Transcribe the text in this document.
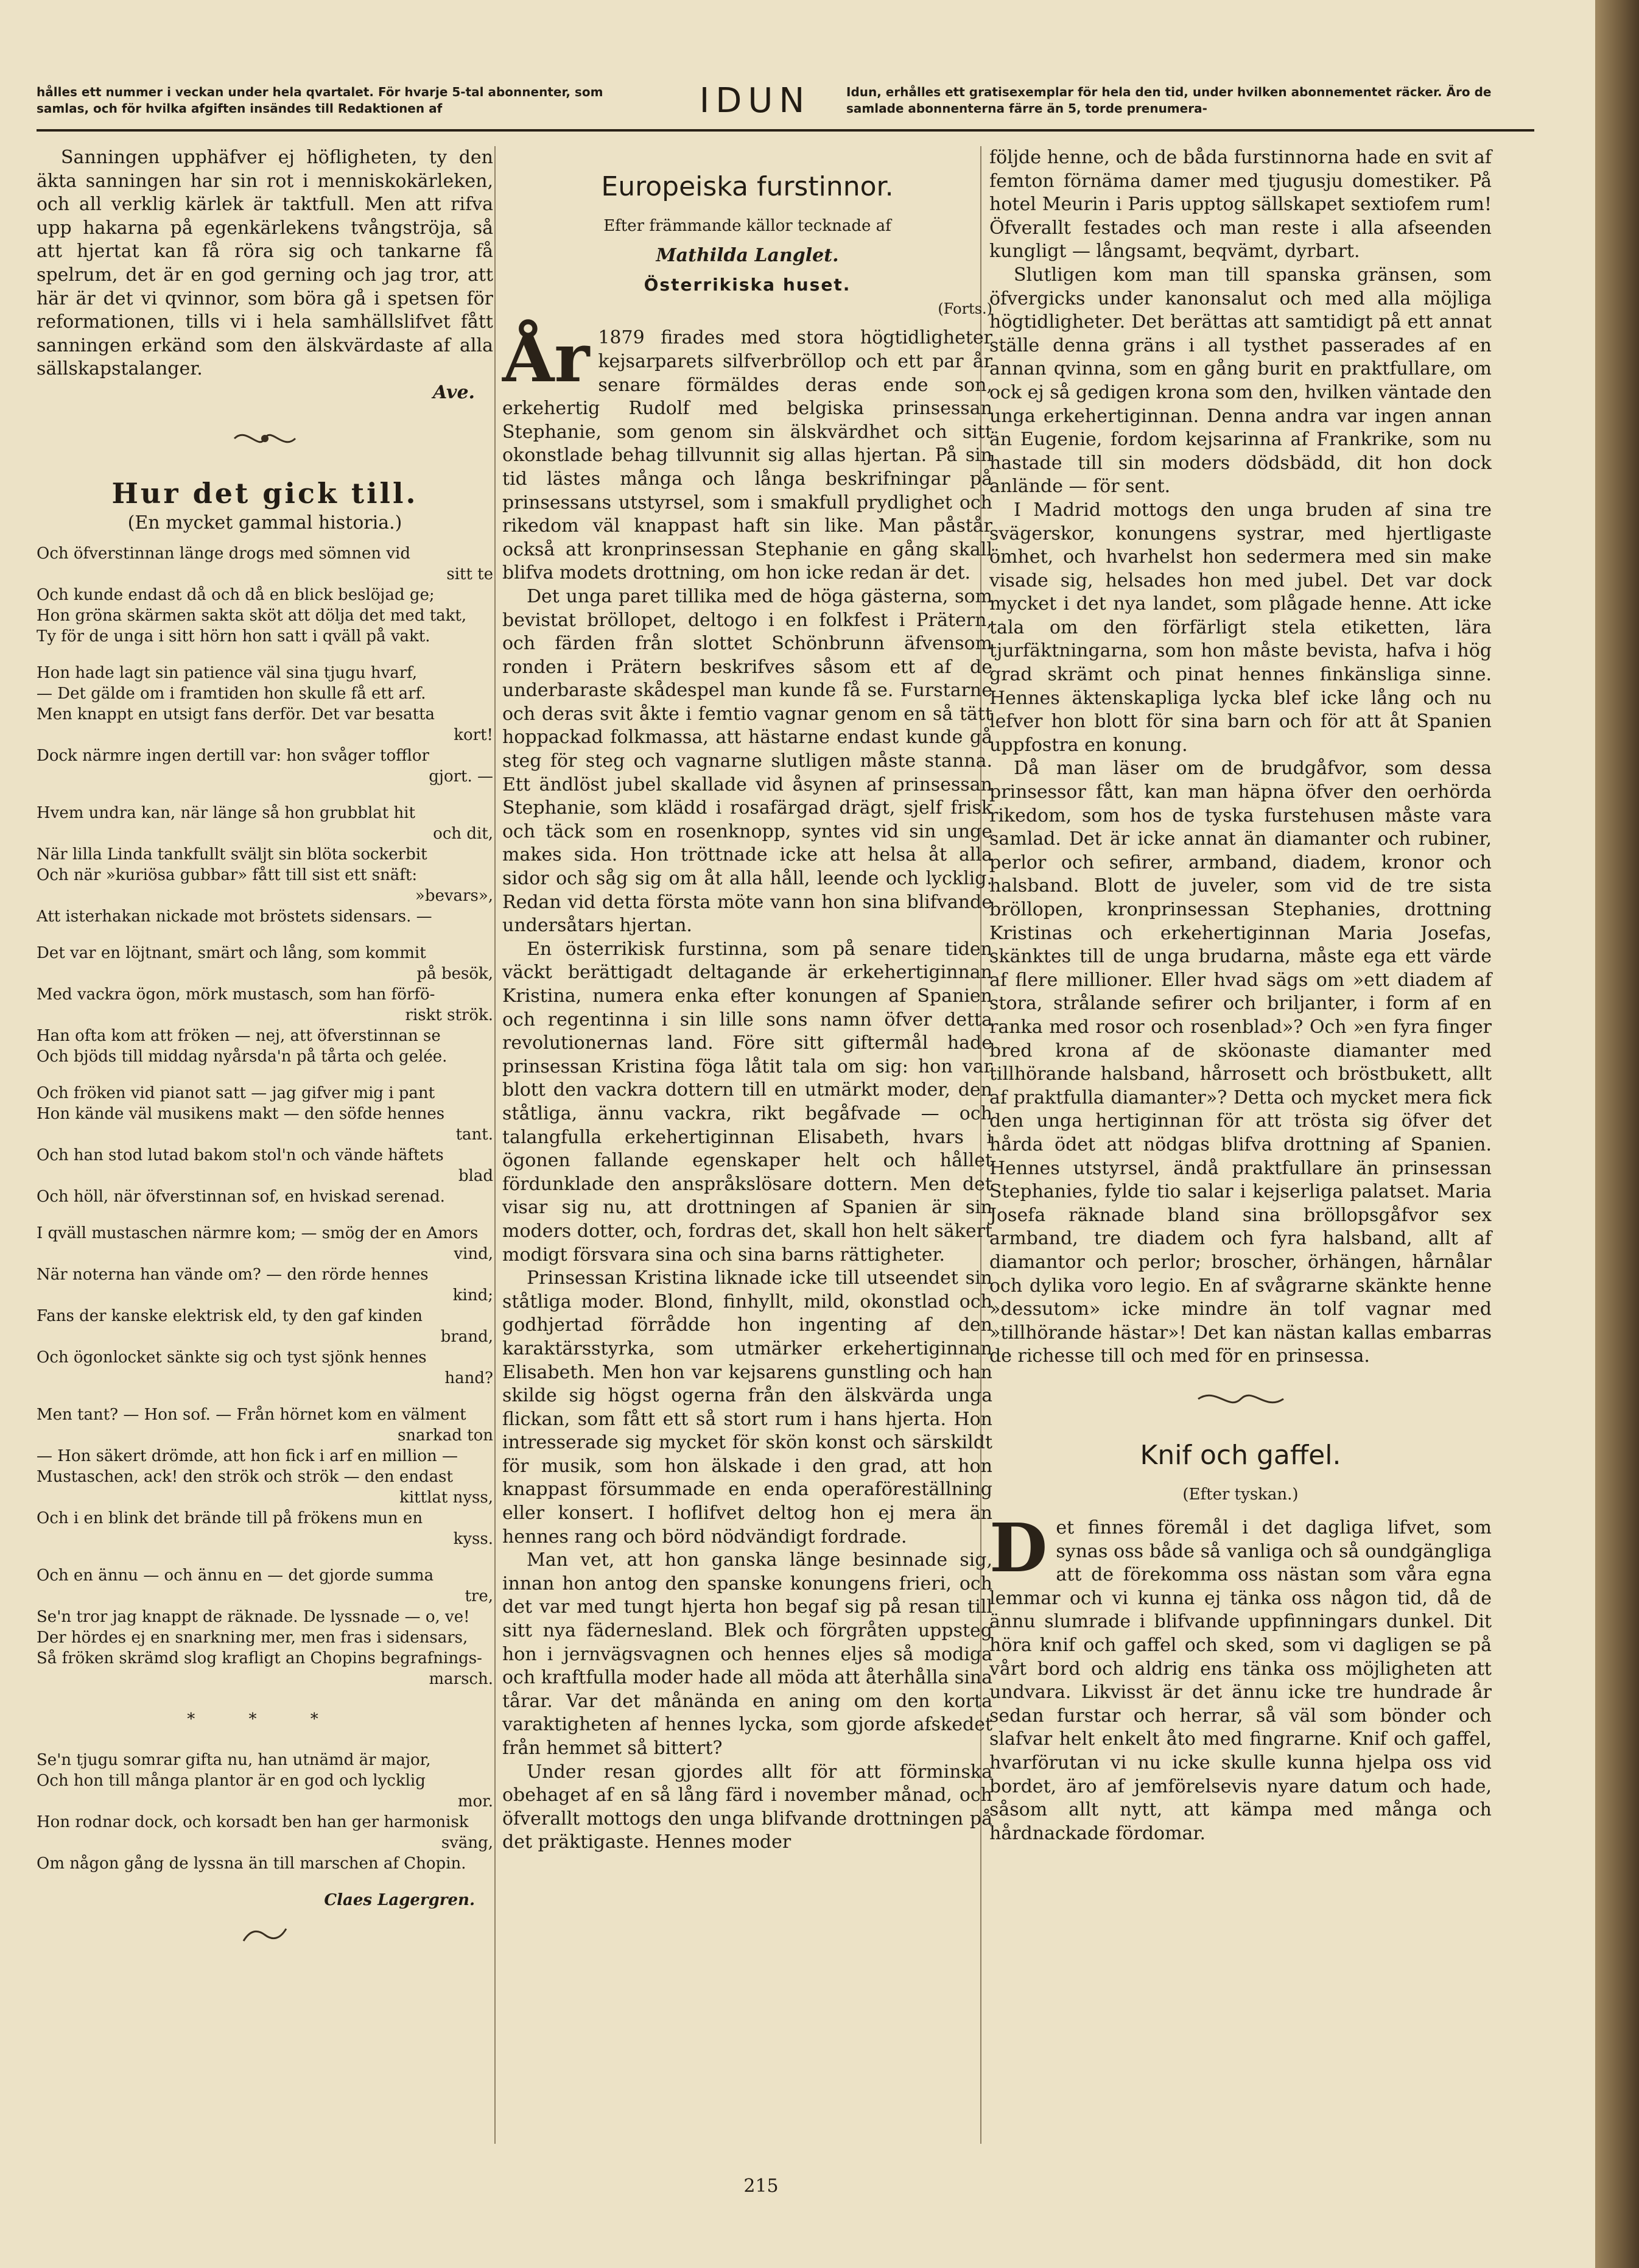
hålles ett nummer i veckan under hela qvartalet. För hvarje 5-tal abonnenter, som samlas, och för hvilka afgiften insändes till Redaktionen af	IDUN	Idun, erhålles ett gratisexemplar för hela den tid, under hvilken abonnementet räcker. Äro de samlade abonnenterna färre än 5, torde prenumera-

Sanningen upphäfver ej höfligheten, ty den äkta sanningen har sin rot i menniskokärleken, och all verklig kärlek är taktfull. Men att rifva upp hakarna på egenkärlekens tvångströja, så att hjertat kan få röra sig och tankarne få spelrum, det är en god gerning och jag tror, att här är det vi qvinnor, som böra gå i spetsen för reformationen, tills vi i hela samhällslifvet fått sanningen erkänd som den älskvärdaste af alla sällskapstalanger.

Ave.

Hur det gick till.
(En mycket gammal historia.)

Och öfverstinnan länge drogs med sömnen vid

sitt te

Och kunde endast då och då en blick beslöjad ge;

Hon gröna skärmen sakta sköt att dölja det med takt,

Ty för de unga i sitt hörn hon satt i qväll på vakt.

Hon hade lagt sin patience väl sina tjugu hvarf,

— Det gälde om i framtiden hon skulle få ett arf.

Men knappt en utsigt fans derför. Det var besatta

kort!

Dock närmre ingen dertill var: hon svåger tofflor

gjort. —

Hvem undra kan, när länge så hon grubblat hit

och dit,

När lilla Linda tankfullt sväljt sin blöta sockerbit

Och när »kuriösa gubbar» fått till sist ett snäft:

»bevars»,

Att isterhakan nickade mot bröstets sidensars. —

Det var en löjtnant, smärt och lång, som kommit

på besök,

Med vackra ögon, mörk mustasch, som han förfö-

riskt strök.

Han ofta kom att fröken — nej, att öfverstinnan se

Och bjöds till middag nyårsda'n på tårta och gelée.

Och fröken vid pianot satt — jag gifver mig i pant

Hon kände väl musikens makt — den söfde hennes

tant.

Och han stod lutad bakom stol'n och vände häftets

blad

Och höll, när öfverstinnan sof, en hviskad serenad.

I qväll mustaschen närmre kom; — smög der en Amors

vind,

När noterna han vände om? — den rörde hennes

kind;

Fans der kanske elektrisk eld, ty den gaf kinden

brand,

Och ögonlocket sänkte sig och tyst sjönk hennes

hand?

Men tant? — Hon sof. — Från hörnet kom en välment

snarkad ton

— Hon säkert drömde, att hon fick i arf en million —

Mustaschen, ack! den strök och strök — den endast

kittlat nyss,

Och i en blink det brände till på frökens mun en

kyss.

Och en ännu — och ännu en — det gjorde summa

tre,

Se'n tror jag knappt de räknade. De lyssnade — o, ve!

Der hördes ej en snarkning mer, men fras i sidensars,

Så fröken skrämd slog krafligt an Chopins begrafnings-

marsch.

* * *

Se'n tjugu somrar gifta nu, han utnämd är major,

Och hon till många plantor är en god och lycklig

mor.

Hon rodnar dock, och korsadt ben han ger harmonisk

sväng,

Om någon gång de lyssna än till marschen af Chopin.

Claes Lagergren.

Europeiska furstinnor.
Efter främmande källor tecknade af
Mathilda Langlet.
Österrikiska huset.
(Forts.)

År 1879 firades med stora högtidligheter kejsarparets silfverbröllop och ett par år senare förmäldes deras ende son, erkehertig Rudolf med belgiska prinsessan Stephanie, som genom sin älskvärdhet och sitt okonstlade behag tillvunnit sig allas hjertan. På sin tid lästes många och långa beskrifningar på prinsessans utstyrsel, som i smakfull prydlighet och rikedom väl knappast haft sin like. Man påstår också att kronprinsessan Stephanie en gång skall blifva modets drottning, om hon icke redan är det.

Det unga paret tillika med de höga gästerna, som bevistat bröllopet, deltogo i en folkfest i Prätern, och färden från slottet Schönbrunn äfvensom ronden i Prätern beskrifves såsom ett af de underbaraste skådespel man kunde få se. Furstarne och deras svit åkte i femtio vagnar genom en så tätt hoppackad folkmassa, att hästarne endast kunde gå steg för steg och vagnarne slutligen måste stanna. Ett ändlöst jubel skallade vid åsynen af prinsessan Stephanie, som klädd i rosafärgad drägt, sjelf frisk och täck som en rosenknopp, syntes vid sin unge makes sida. Hon tröttnade icke att helsa åt alla sidor och såg sig om åt alla håll, leende och lycklig. Redan vid detta första möte vann hon sina blifvande undersåtars hjertan.

En österrikisk furstinna, som på senare tiden väckt berättigadt deltagande är erkehertiginnan Kristina, numera enka efter konungen af Spanien och regentinna i sin lille sons namn öfver detta revolutionernas land. Före sitt giftermål hade prinsessan Kristina föga låtit tala om sig: hon var blott den vackra dottern till en utmärkt moder, den ståtliga, ännu vackra, rikt begåfvade — och talangfulla erkehertiginnan Elisabeth, hvars i ögonen fallande egenskaper helt och hållet fördunklade den anspråkslösare dottern. Men det visar sig nu, att drottningen af Spanien är sin moders dotter, och, fordras det, skall hon helt säkert modigt försvara sina och sina barns rättigheter.

Prinsessan Kristina liknade icke till utseendet sin ståtliga moder. Blond, finhyllt, mild, okonstlad och godhjertad förrådde hon ingenting af den karaktärsstyrka, som utmärker erkehertiginnan Elisabeth. Men hon var kejsarens gunstling och han skilde sig högst ogerna från den älskvärda unga flickan, som fått ett så stort rum i hans hjerta. Hon intresserade sig mycket för skön konst och särskildt för musik, som hon älskade i den grad, att hon knappast försummade en enda operaföreställning eller konsert. I hoflifvet deltog hon ej mera än hennes rang och börd nödvändigt fordrade.

Man vet, att hon ganska länge besinnade sig, innan hon antog den spanske konungens frieri, och det var med tungt hjerta hon begaf sig på resan till sitt nya fädernesland. Blek och förgråten uppsteg hon i jernvägsvagnen och hennes eljes så modiga och kraftfulla moder hade all möda att återhålla sina tårar. Var det månända en aning om den korta varaktigheten af hennes lycka, som gjorde afskedet från hemmet så bittert?

Under resan gjordes allt för att förminska obehaget af en så lång färd i november månad, och öfverallt mottogs den unga blifvande drottningen på det präktigaste. Hennes moder

följde henne, och de båda furstinnorna hade en svit af femton förnäma damer med tjugusju domestiker. På hotel Meurin i Paris upptog sällskapet sextiofem rum! Öfverallt festades och man reste i alla afseenden kungligt — långsamt, beqvämt, dyrbart.

Slutligen kom man till spanska gränsen, som öfvergicks under kanonsalut och med alla möjliga högtidligheter. Det berättas att samtidigt på ett annat ställe denna gräns i all tysthet passerades af en annan qvinna, som en gång burit en praktfullare, om ock ej så gedigen krona som den, hvilken väntade den unga erkehertiginnan. Denna andra var ingen annan än Eugenie, fordom kejsarinna af Frankrike, som nu hastade till sin moders dödsbädd, dit hon dock anlände — för sent.

I Madrid mottogs den unga bruden af sina tre svägerskor, konungens systrar, med hjertligaste ömhet, och hvarhelst hon sedermera med sin make visade sig, helsades hon med jubel. Det var dock mycket i det nya landet, som plågade henne. Att icke tala om den förfärligt stela etiketten, lära tjurfäktningarna, som hon måste bevista, hafva i hög grad skrämt och pinat hennes finkänsliga sinne. Hennes äktenskapliga lycka blef icke lång och nu lefver hon blott för sina barn och för att åt Spanien uppfostra en konung.

Då man läser om de brudgåfvor, som dessa prinsessor fått, kan man häpna öfver den oerhörda rikedom, som hos de tyska furstehusen måste vara samlad. Det är icke annat än diamanter och rubiner, perlor och sefirer, armband, diadem, kronor och halsband. Blott de juveler, som vid de tre sista bröllopen, kronprinsessan Stephanies, drottning Kristinas och erkehertiginnan Maria Josefas, skänktes till de unga brudarna, måste ega ett värde af flere millioner. Eller hvad sägs om »ett diadem af stora, strålande sefirer och briljanter, i form af en ranka med rosor och rosenblad»? Och »en fyra finger bred krona af de sköonaste diamanter med tillhörande halsband, hårrosett och bröstbukett, allt af praktfulla diamanter»? Detta och mycket mera fick den unga hertiginnan för att trösta sig öfver det hårda ödet att nödgas blifva drottning af Spanien. Hennes utstyrsel, ändå praktfullare än prinsessan Stephanies, fylde tio salar i kejserliga palatset. Maria Josefa räknade bland sina bröllopsgåfvor sex armband, tre diadem och fyra halsband, allt af diamantor och perlor; broscher, örhängen, hårnålar och dylika voro legio. En af svågrarne skänkte henne »dessutom» icke mindre än tolf vagnar med »tillhörande hästar»! Det kan nästan kallas embarras de richesse till och med för en prinsessa.

Knif och gaffel.
(Efter tyskan.)

Det finnes föremål i det dagliga lifvet, som synas oss både så vanliga och så oundgängliga att de förekomma oss nästan som våra egna lemmar och vi kunna ej tänka oss någon tid, då de ännu slumrade i blifvande uppfinningars dunkel. Dit höra knif och gaffel och sked, som vi dagligen se på vårt bord och aldrig ens tänka oss möjligheten att undvara. Likvisst är det ännu icke tre hundrade år sedan furstar och herrar, så väl som bönder och slafvar helt enkelt åto med fingrarne. Knif och gaffel, hvarförutan vi nu icke skulle kunna hjelpa oss vid bordet, äro af jemförelsevis nyare datum och hade, såsom allt nytt, att kämpa med många och hårdnackade fördomar.

215
